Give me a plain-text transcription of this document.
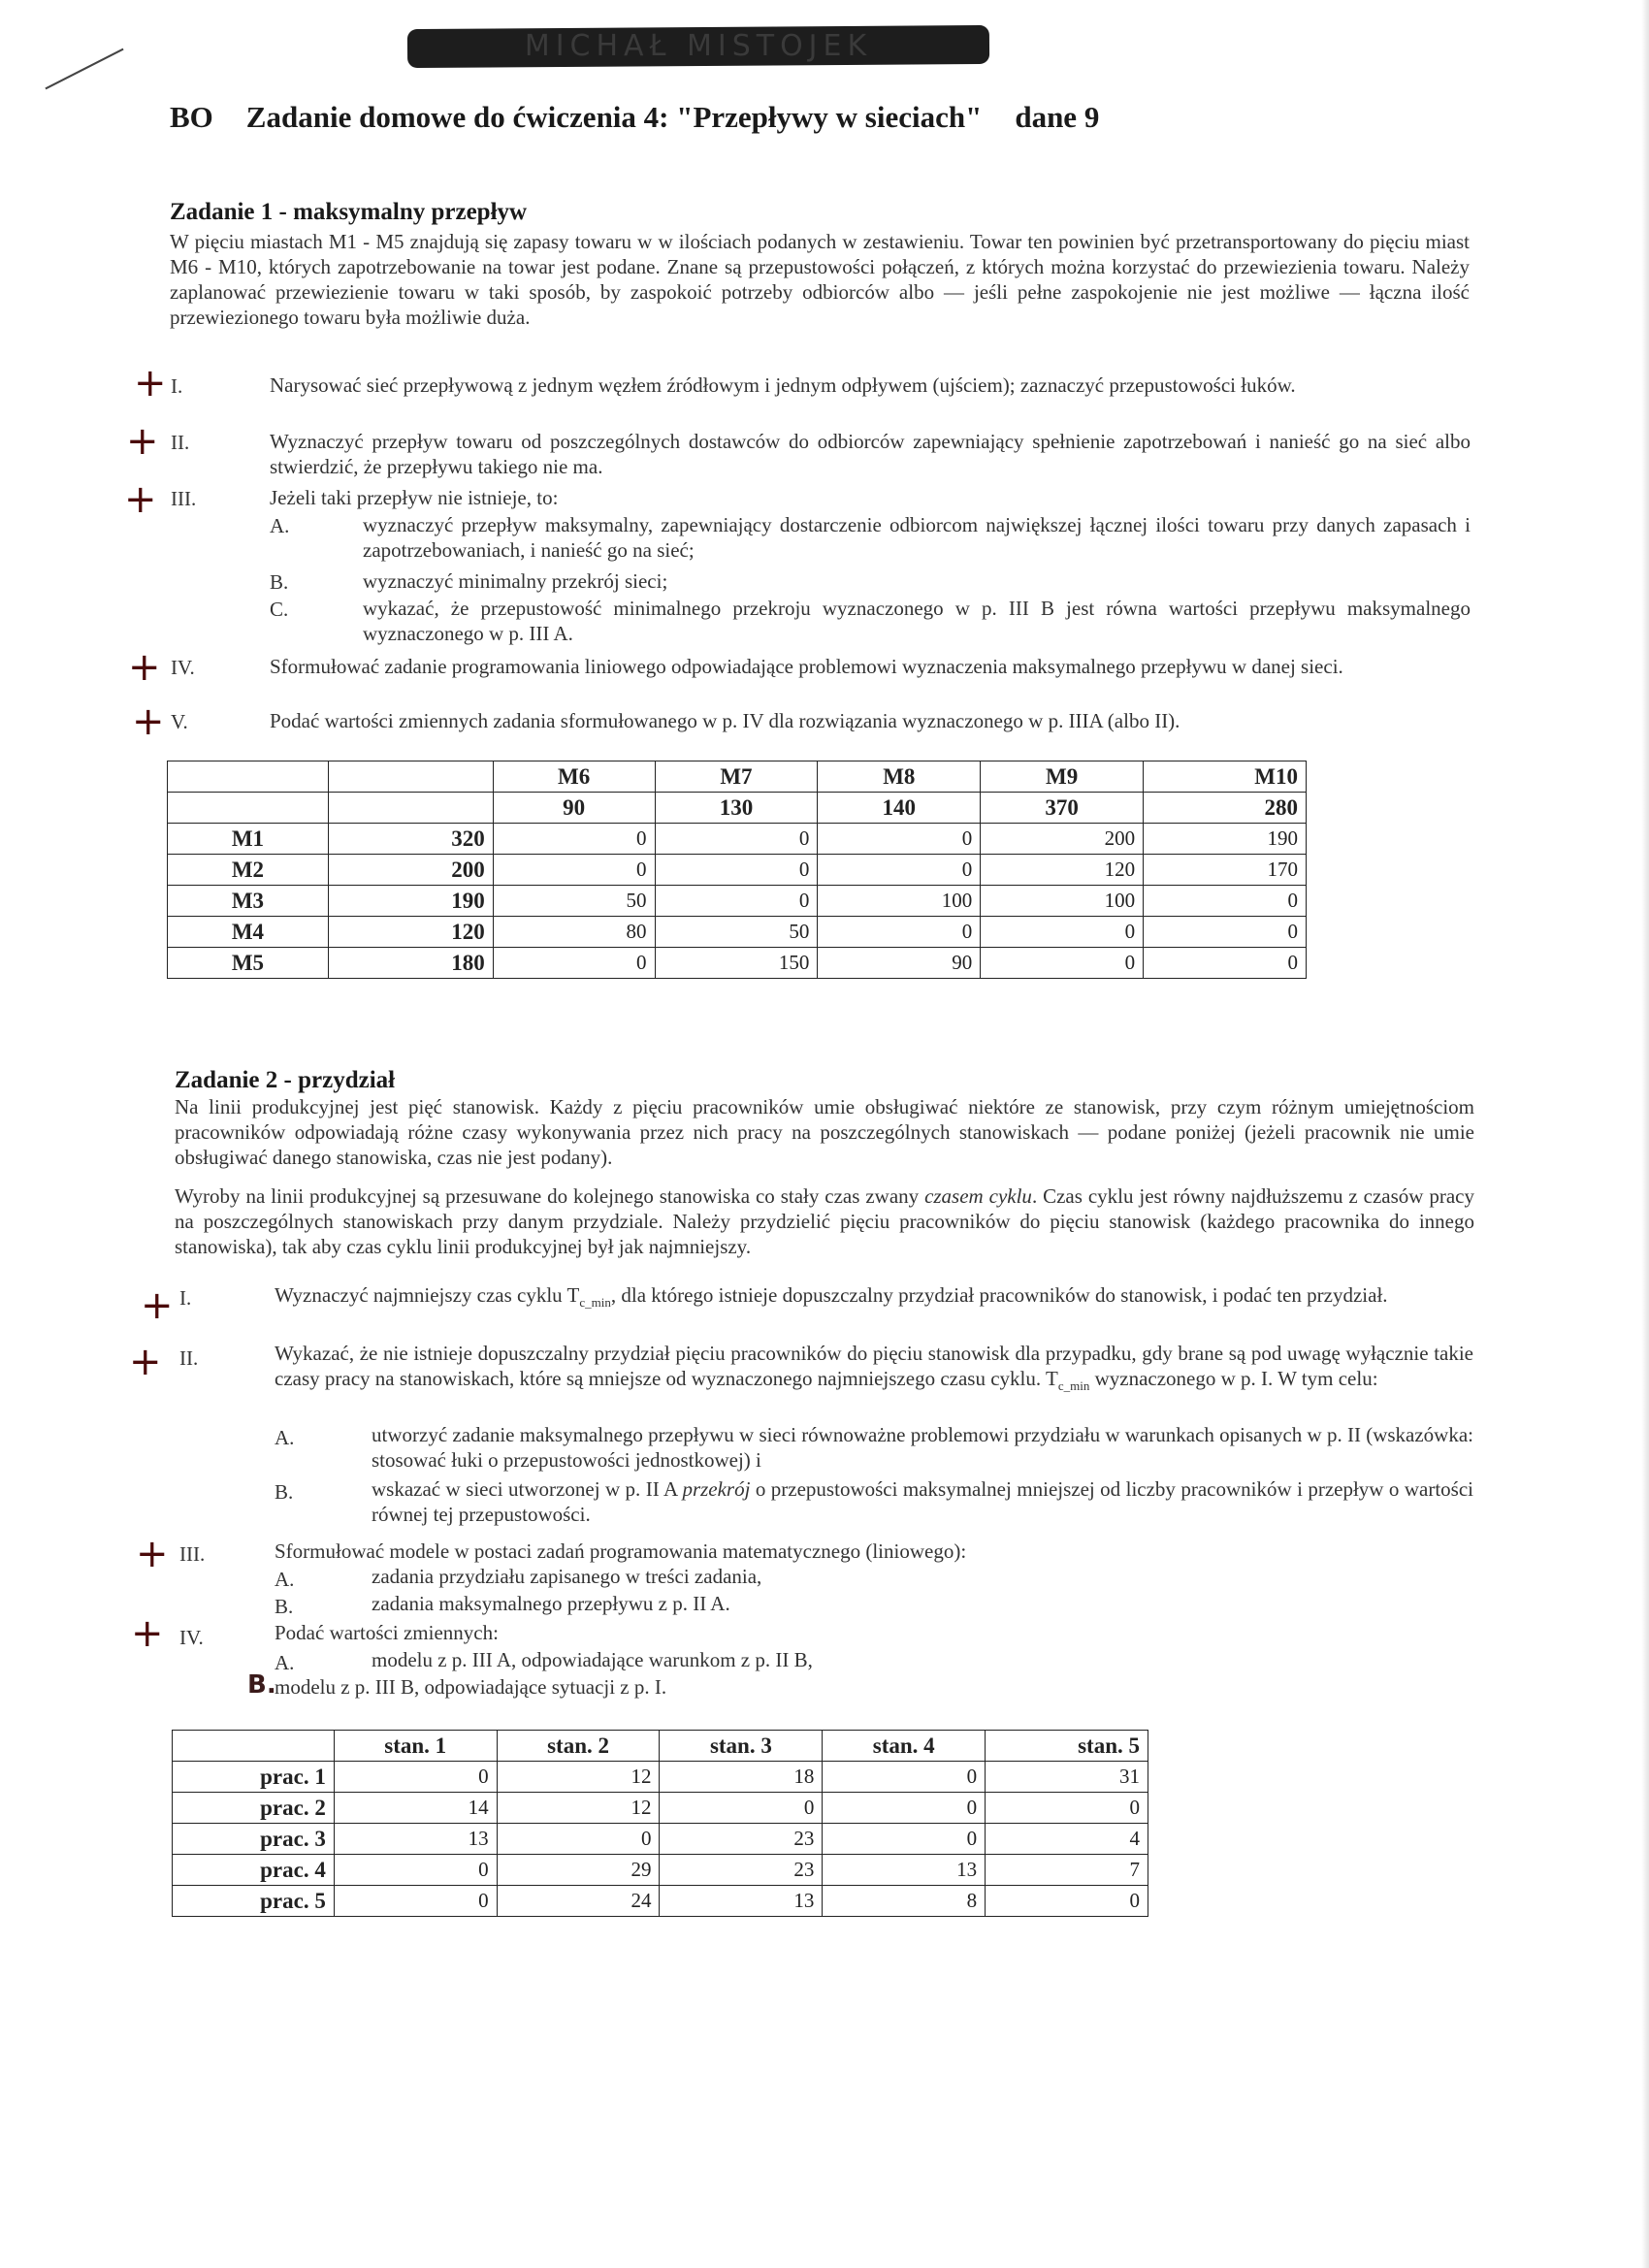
MICHAŁ MISTOJEK
BO Zadanie domowe do ćwiczenia 4: "Przepływy w sieciach" dane 9
Zadanie 1 - maksymalny przepływ
W pięciu miastach M1 - M5 znajdują się zapasy towaru w w ilościach podanych w zestawieniu. Towar ten powinien być przetransportowany do pięciu miast M6 - M10, których zapotrzebowanie na towar jest podane. Znane są przepustowości połączeń, z których można korzystać do przewiezienia towaru. Należy zaplanować przewiezienie towaru w taki sposób, by zaspokoić potrzeby odbiorców albo — jeśli pełne zaspokojenie nie jest możliwe — łączna ilość przewiezionego towaru była możliwie duża.
+ I.	Narysować sieć przepływową z jednym węzłem źródłowym i jednym odpływem (ujściem); zaznaczyć przepustowości łuków.
+ II.	Wyznaczyć przepływ towaru od poszczególnych dostawców do odbiorców zapewniający spełnienie zapotrzebowań i nanieść go na sieć albo stwierdzić, że przepływu takiego nie ma.
+ III.	Jeżeli taki przepływ nie istnieje, to:
A.	wyznaczyć przepływ maksymalny, zapewniający dostarczenie odbiorcom największej łącznej ilości towaru przy danych zapasach i zapotrzebowaniach, i nanieść go na sieć;
B.	wyznaczyć minimalny przekrój sieci;
C.	wykazać, że przepustowość minimalnego przekroju wyznaczonego w p. III B jest równa wartości przepływu maksymalnego wyznaczonego w p. III A.
+ IV.	Sformułować zadanie programowania liniowego odpowiadające problemowi wyznaczenia maksymalnego przepływu w danej sieci.
+ V.	Podać wartości zmiennych zadania sformułowanego w p. IV dla rozwiązania wyznaczonego w p. IIIA (albo II).
		M6	M7	M8	M9	M10
		90	130	140	370	280
M1	320	0	0	0	200	190
M2	200	0	0	0	120	170
M3	190	50	0	100	100	0
M4	120	80	50	0	0	0
M5	180	0	150	90	0	0
Zadanie 2 - przydział
Na linii produkcyjnej jest pięć stanowisk. Każdy z pięciu pracowników umie obsługiwać niektóre ze stanowisk, przy czym różnym umiejętnościom pracowników odpowiadają różne czasy wykonywania przez nich pracy na poszczególnych stanowiskach — podane poniżej (jeżeli pracownik nie umie obsługiwać danego stanowiska, czas nie jest podany).
Wyroby na linii produkcyjnej są przesuwane do kolejnego stanowiska co stały czas zwany czasem cyklu. Czas cyklu jest równy najdłuższemu z czasów pracy na poszczególnych stanowiskach przy danym przydziale. Należy przydzielić pięciu pracowników do pięciu stanowisk (każdego pracownika do innego stanowiska), tak aby czas cyklu linii produkcyjnej był jak najmniejszy.
+ I.	Wyznaczyć najmniejszy czas cyklu $T_{c\_min}$, dla którego istnieje dopuszczalny przydział pracowników do stanowisk, i podać ten przydział.
+ II.	Wykazać, że nie istnieje dopuszczalny przydział pięciu pracowników do pięciu stanowisk dla przypadku, gdy brane są pod uwagę wyłącznie takie czasy pracy na stanowiskach, które są mniejsze od wyznaczonego najmniejszego czasu cyklu. $T_{c\_min}$ wyznaczonego w p. I. W tym celu:
A.	utworzyć zadanie maksymalnego przepływu w sieci równoważne problemowi przydziału w warunkach opisanych w p. II (wskazówka: stosować łuki o przepustowości jednostkowej) i
B.	wskazać w sieci utworzonej w p. II A przekrój o przepustowości maksymalnej mniejszej od liczby pracowników i przepływ o wartości równej tej przepustowości.
+ III.	Sformułować modele w postaci zadań programowania matematycznego (liniowego):
A.	zadania przydziału zapisanego w treści zadania,
B.	zadania maksymalnego przepływu z p. II A.
+ IV.	Podać wartości zmiennych:
A.	modelu z p. III A, odpowiadające warunkom z p. II B,
B.
modelu z p. III B, odpowiadające sytuacji z p. I.
	stan. 1	stan. 2	stan. 3	stan. 4	stan. 5
prac. 1	0	12	18	0	31
prac. 2	14	12	0	0	0
prac. 3	13	0	23	0	4
prac. 4	0	29	23	13	7
prac. 5	0	24	13	8	0
